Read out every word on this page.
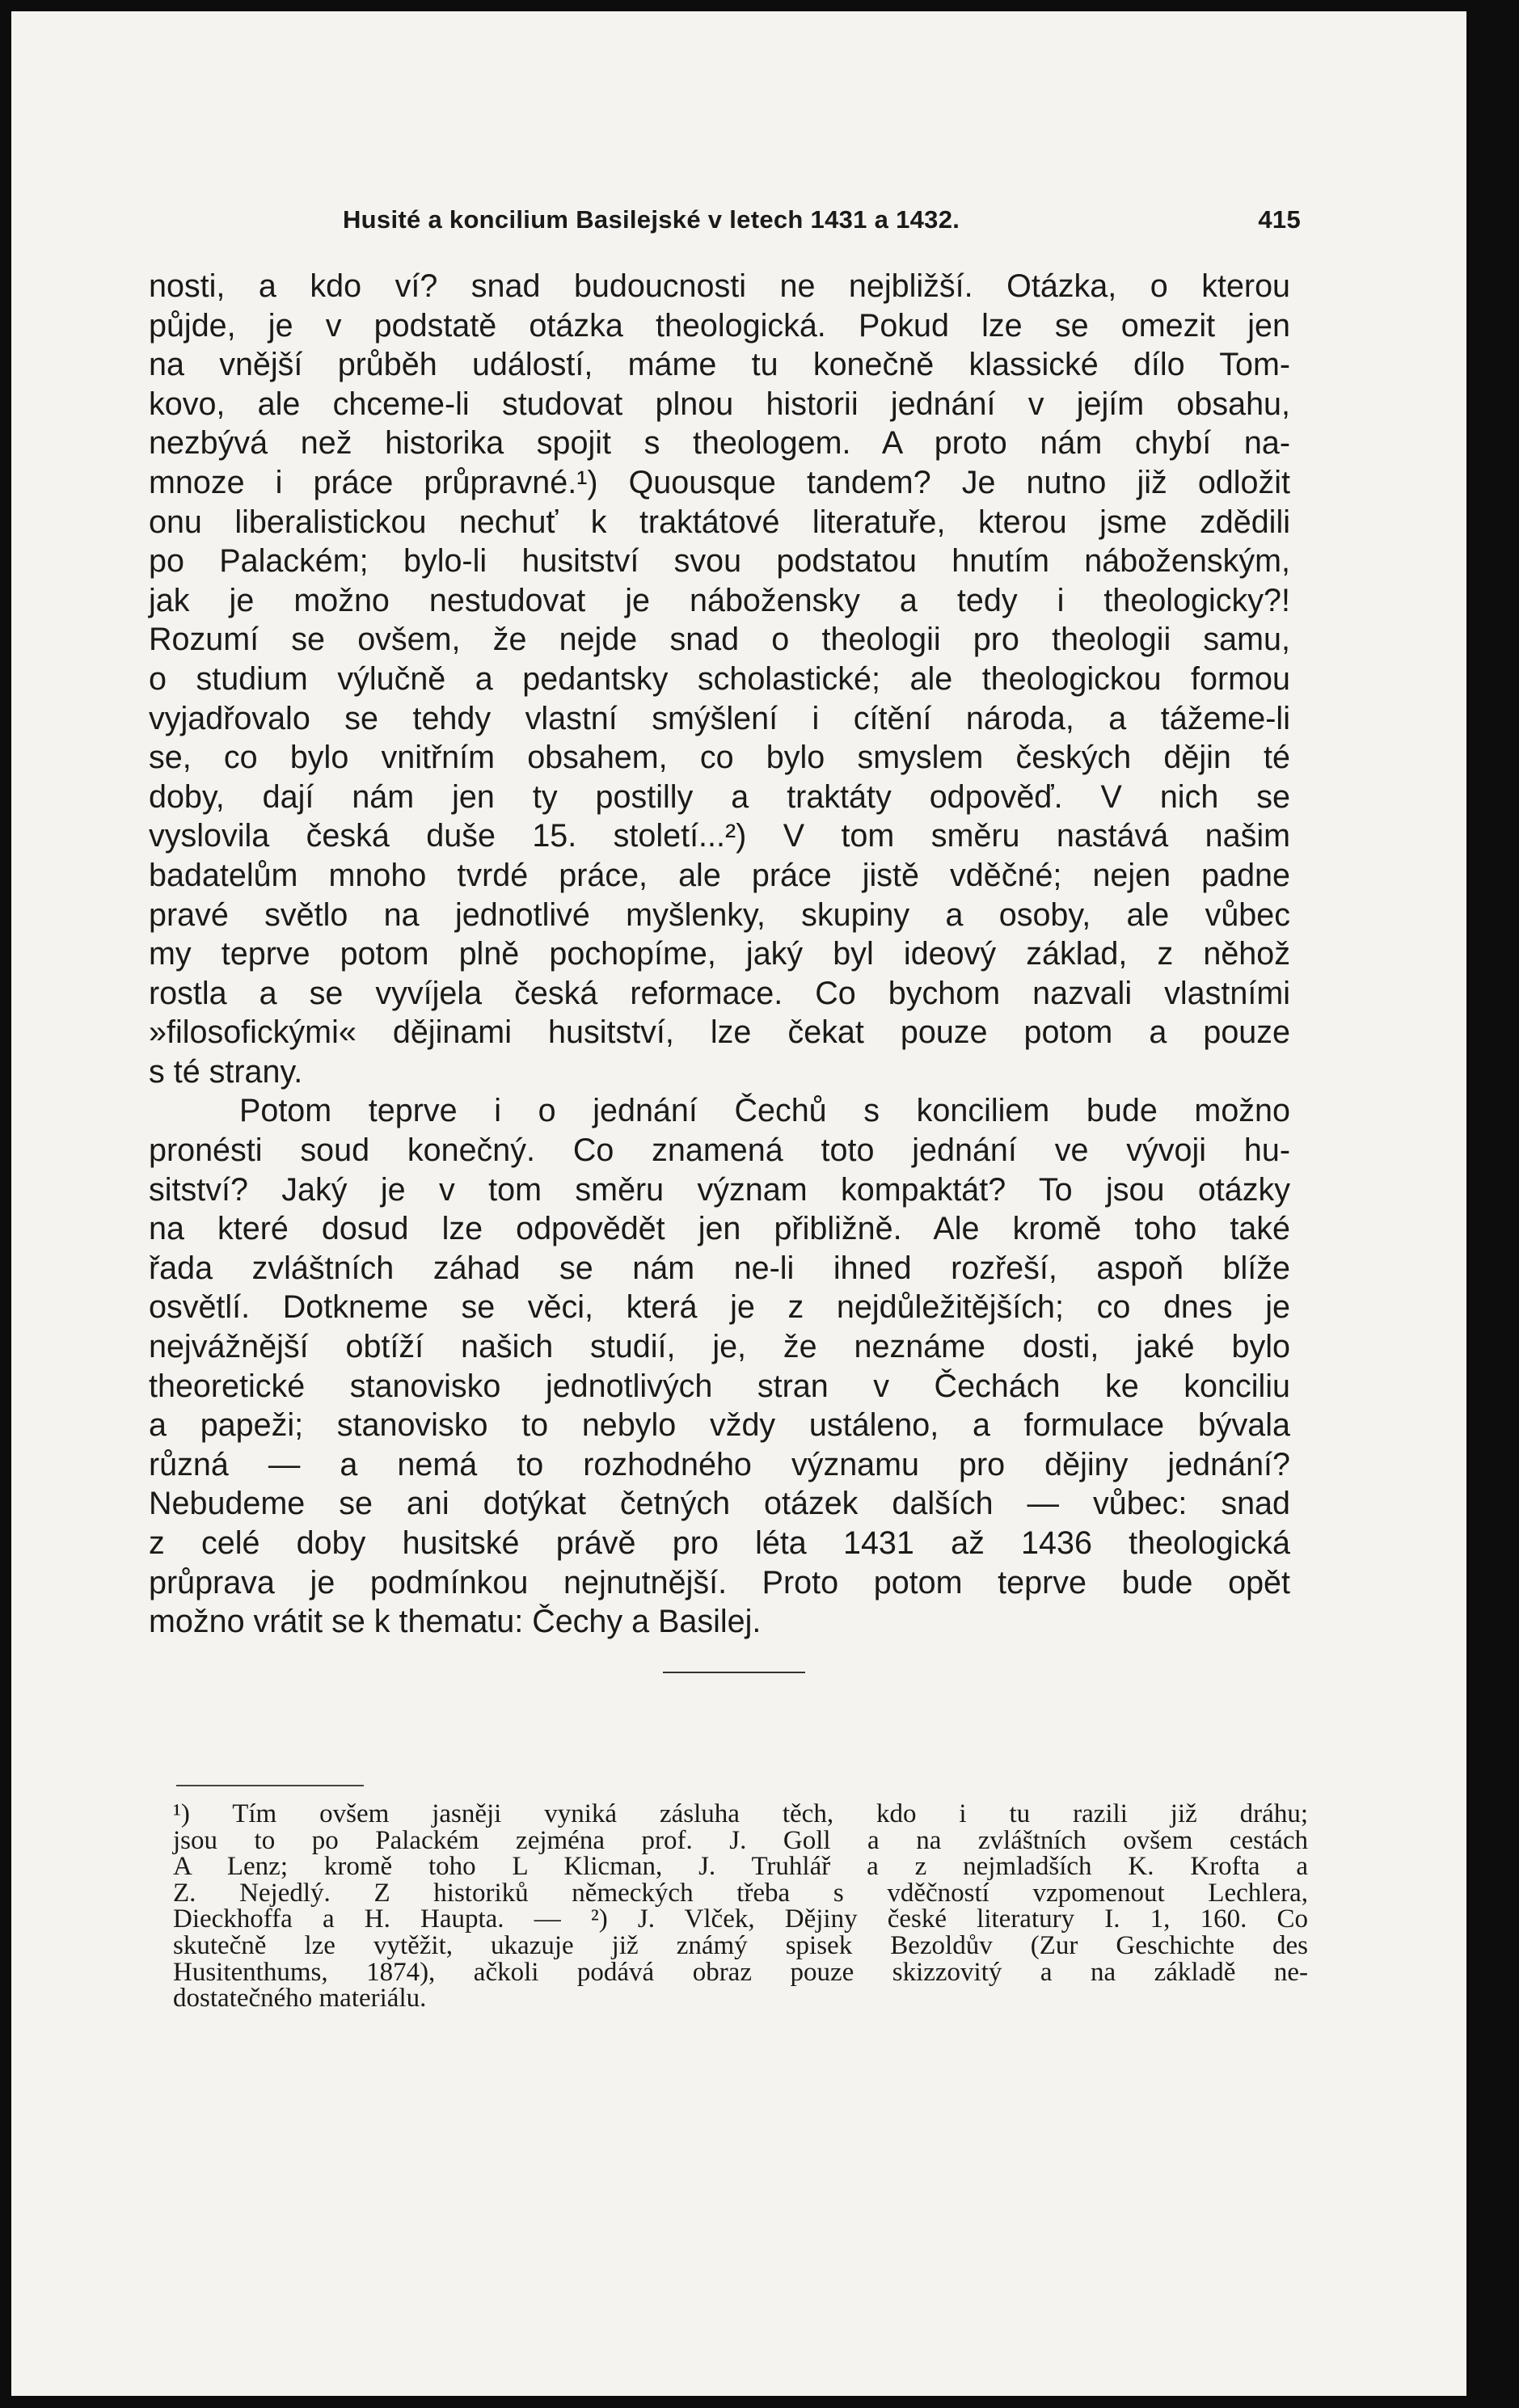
Husité a koncilium Basilejské v letech 1431 a 1432.	415
nosti, a kdo ví? snad budoucnosti ne nejbližší. Otázka, o kterou
půjde, je v podstatě otázka theologická. Pokud lze se omezit jen
na vnější průběh událostí, máme tu konečně klassické dílo Tom-
kovo, ale chceme-li studovat plnou historii jednání v jejím obsahu,
nezbývá než historika spojit s theologem. A proto nám chybí na-
mnoze i práce průpravné.¹) Quousque tandem? Je nutno již odložit
onu liberalistickou nechuť k traktátové literatuře, kterou jsme zdědili
po Palackém; bylo-li husitství svou podstatou hnutím náboženským,
jak je možno nestudovat je nábožensky a tedy i theologicky?!
Rozumí se ovšem, že nejde snad o theologii pro theologii samu,
o studium výlučně a pedantsky scholastické; ale theologickou formou
vyjadřovalo se tehdy vlastní smýšlení i cítění národa, a tážeme-li
se, co bylo vnitřním obsahem, co bylo smyslem českých dějin té
doby, dají nám jen ty postilly a traktáty odpověď. V nich se
vyslovila česká duše 15. století...²) V tom směru nastává našim
badatelům mnoho tvrdé práce, ale práce jistě vděčné; nejen padne
pravé světlo na jednotlivé myšlenky, skupiny a osoby, ale vůbec
my teprve potom plně pochopíme, jaký byl ideový základ, z něhož
rostla a se vyvíjela česká reformace. Co bychom nazvali vlastními
»filosofickými« dějinami husitství, lze čekat pouze potom a pouze
s té strany.
Potom teprve i o jednání Čechů s konciliem bude možno
pronésti soud konečný. Co znamená toto jednání ve vývoji hu-
sitství? Jaký je v tom směru význam kompaktát? To jsou otázky
na které dosud lze odpovědět jen přibližně. Ale kromě toho také
řada zvláštních záhad se nám ne-li ihned rozřeší, aspoň blíže
osvětlí. Dotkneme se věci, která je z nejdůležitějších; co dnes je
nejvážnější obtíží našich studií, je, že neznáme dosti, jaké bylo
theoretické stanovisko jednotlivých stran v Čechách ke konciliu
a papeži; stanovisko to nebylo vždy ustáleno, a formulace bývala
různá — a nemá to rozhodného významu pro dějiny jednání?
Nebudeme se ani dotýkat četných otázek dalších — vůbec: snad
z celé doby husitské právě pro léta 1431 až 1436 theologická
průprava je podmínkou nejnutnější. Proto potom teprve bude opět
možno vrátit se k thematu: Čechy a Basilej.
¹) Tím ovšem jasněji vyniká zásluha těch, kdo i tu razili již dráhu;
jsou to po Palackém zejména prof. J. Goll a na zvláštních ovšem cestách
A Lenz; kromě toho L Klicman, J. Truhlář a z nejmladších K. Krofta a
Z. Nejedlý. Z historiků německých třeba s vděčností vzpomenout Lechlera,
Dieckhoffa a H. Haupta. — ²) J. Vlček, Dějiny české literatury I. 1, 160. Co
skutečně lze vytěžit, ukazuje již známý spisek Bezoldův (Zur Geschichte des
Husitenthums, 1874), ačkoli podává obraz pouze skizzovitý a na základě ne-
dostatečného materiálu.
